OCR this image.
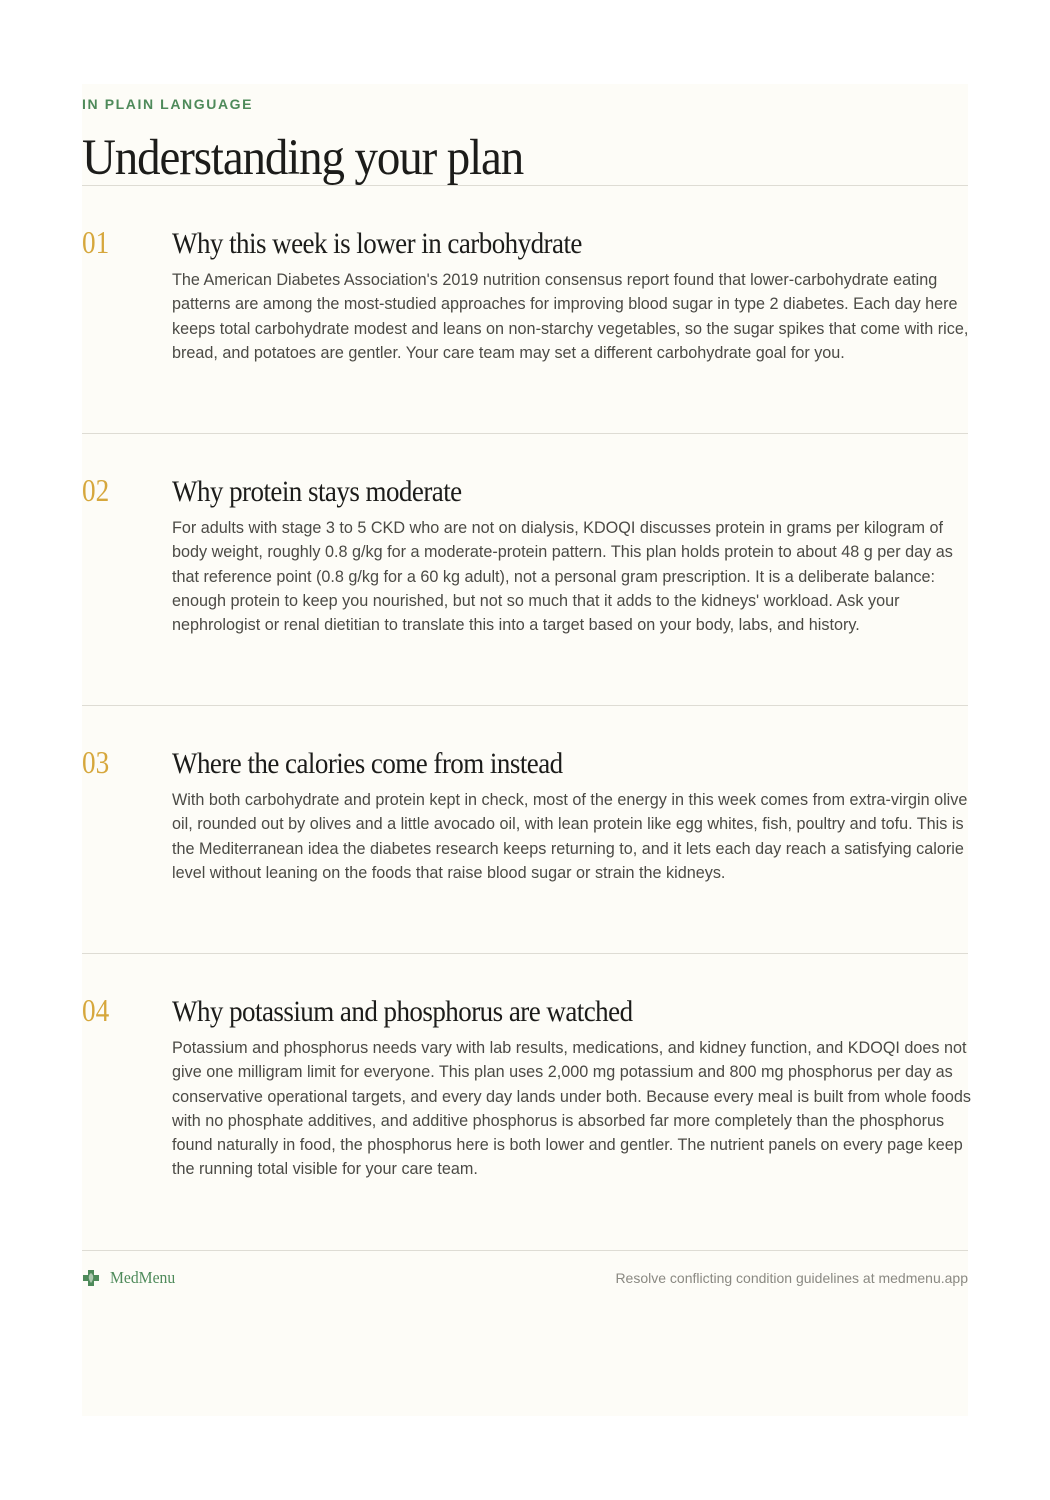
IN PLAIN LANGUAGE
Understanding your plan
01 Why this week is lower in carbohydrate

The American Diabetes Association's 2019 nutrition consensus report found that lower-carbohydrate eating patterns are among the most-studied approaches for improving blood sugar in type 2 diabetes. Each day here keeps total carbohydrate modest and leans on non-starchy vegetables, so the sugar spikes that come with rice, bread, and potatoes are gentler. Your care team may set a different carbohydrate goal for you.

02 Why protein stays moderate

For adults with stage 3 to 5 CKD who are not on dialysis, KDOQI discusses protein in grams per kilogram of body weight, roughly 0.8 g/kg for a moderate-protein pattern. This plan holds protein to about 48 g per day as that reference point (0.8 g/kg for a 60 kg adult), not a personal gram prescription. It is a deliberate balance: enough protein to keep you nourished, but not so much that it adds to the kidneys' workload. Ask your nephrologist or renal dietitian to translate this into a target based on your body, labs, and history.

03 Where the calories come from instead

With both carbohydrate and protein kept in check, most of the energy in this week comes from extra-virgin olive oil, rounded out by olives and a little avocado oil, with lean protein like egg whites, fish, poultry and tofu. This is the Mediterranean idea the diabetes research keeps returning to, and it lets each day reach a satisfying calorie level without leaning on the foods that raise blood sugar or strain the kidneys.

04 Why potassium and phosphorus are watched

Potassium and phosphorus needs vary with lab results, medications, and kidney function, and KDOQI does not give one milligram limit for everyone. This plan uses 2,000 mg potassium and 800 mg phosphorus per day as conservative operational targets, and every day lands under both. Because every meal is built from whole foods with no phosphate additives, and additive phosphorus is absorbed far more completely than the phosphorus found naturally in food, the phosphorus here is both lower and gentler. The nutrient panels on every page keep the running total visible for your care team.

MedMenu	Resolve conflicting condition guidelines at medmenu.app
